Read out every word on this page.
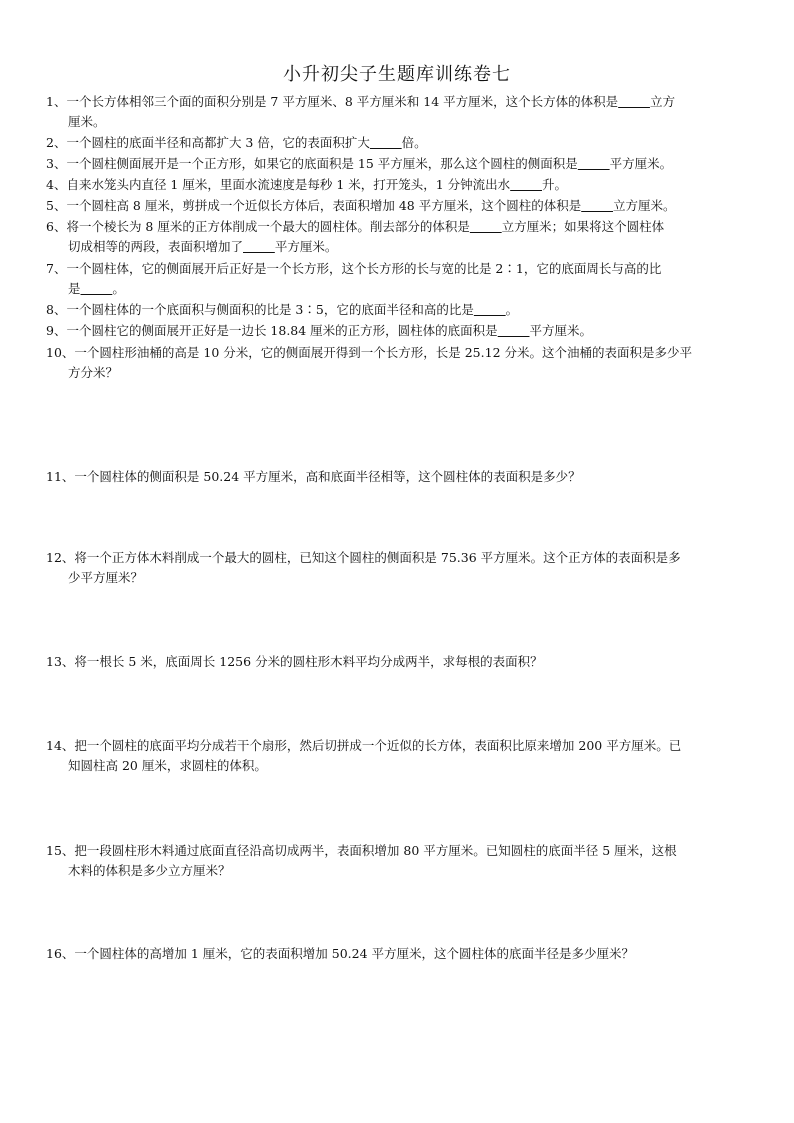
小升初尖子生题库训练卷七
1、一个长方体相邻三个面的面积分别是 7 平方厘米、8 平方厘米和 14 平方厘米，这个长方体的体积是	立方
厘米。
2、一个圆柱的底面半径和高都扩大 3 倍，它的表面积扩大	倍。
3、一个圆柱侧面展开是一个正方形，如果它的底面积是 15 平方厘米，那么这个圆柱的侧面积是	平方厘米。
4、自来水笼头内直径 1 厘米，里面水流速度是每秒 1 米，打开笼头，1 分钟流出水	升。
5、一个圆柱高 8 厘米，剪拼成一个近似长方体后，表面积增加 48 平方厘米，这个圆柱的体积是	立方厘米。
6、将一个棱长为 8 厘米的正方体削成一个最大的圆柱体。削去部分的体积是	立方厘米；如果将这个圆柱体
切成相等的两段，表面积增加了	平方厘米。
7、一个圆柱体，它的侧面展开后正好是一个长方形，这个长方形的长与宽的比是 2∶1，它的底面周长与高的比
是	。
8、一个圆柱体的一个底面积与侧面积的比是 3∶5，它的底面半径和高的比是	。
9、一个圆柱它的侧面展开正好是一边长 18.84 厘米的正方形，圆柱体的底面积是	平方厘米。
10、一个圆柱形油桶的高是 10 分米，它的侧面展开得到一个长方形，长是 25.12 分米。这个油桶的表面积是多少平
方分米？
11、一个圆柱体的侧面积是 50.24 平方厘米，高和底面半径相等，这个圆柱体的表面积是多少？
12、将一个正方体木料削成一个最大的圆柱，已知这个圆柱的侧面积是 75.36 平方厘米。这个正方体的表面积是多
少平方厘米？
13、将一根长 5 米，底面周长 1256 分米的圆柱形木料平均分成两半，求每根的表面积？
14、把一个圆柱的底面平均分成若干个扇形，然后切拼成一个近似的长方体，表面积比原来增加 200 平方厘米。已
知圆柱高 20 厘米，求圆柱的体积。
15、把一段圆柱形木料通过底面直径沿高切成两半，表面积增加 80 平方厘米。已知圆柱的底面半径 5 厘米，这根
木料的体积是多少立方厘米？
16、一个圆柱体的高增加 1 厘米，它的表面积增加 50.24 平方厘米，这个圆柱体的底面半径是多少厘米？
